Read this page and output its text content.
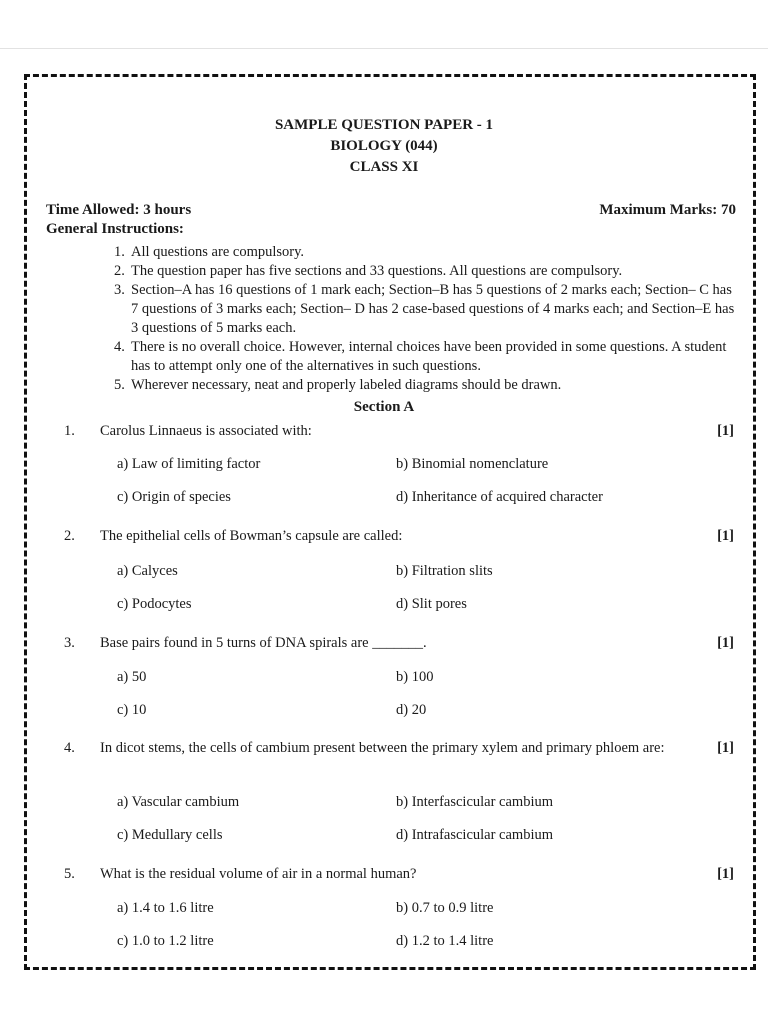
SAMPLE QUESTION PAPER - 1
BIOLOGY (044)
CLASS XI
Time Allowed: 3 hours	Maximum Marks: 70
General Instructions:
1. All questions are compulsory.
2. The question paper has five sections and 33 questions. All questions are compulsory.
3. Section–A has 16 questions of 1 mark each; Section–B has 5 questions of 2 marks each; Section– C has 7 questions of 3 marks each; Section– D has 2 case-based questions of 4 marks each; and Section–E has 3 questions of 5 marks each.
4. There is no overall choice. However, internal choices have been provided in some questions. A student has to attempt only one of the alternatives in such questions.
5. Wherever necessary, neat and properly labeled diagrams should be drawn.
Section A
1. Carolus Linnaeus is associated with:	[1]
a) Law of limiting factor	b) Binomial nomenclature
c) Origin of species	d) Inheritance of acquired character
2. The epithelial cells of Bowman’s capsule are called:	[1]
a) Calyces	b) Filtration slits
c) Podocytes	d) Slit pores
3. Base pairs found in 5 turns of DNA spirals are _______.	[1]
a) 50	b) 100
c) 10	d) 20
4. In dicot stems, the cells of cambium present between the primary xylem and primary phloem are:	[1]
a) Vascular cambium	b) Interfascicular cambium
c) Medullary cells	d) Intrafascicular cambium
5. What is the residual volume of air in a normal human?	[1]
a) 1.4 to 1.6 litre	b) 0.7 to 0.9 litre
c) 1.0 to 1.2 litre	d) 1.2 to 1.4 litre
